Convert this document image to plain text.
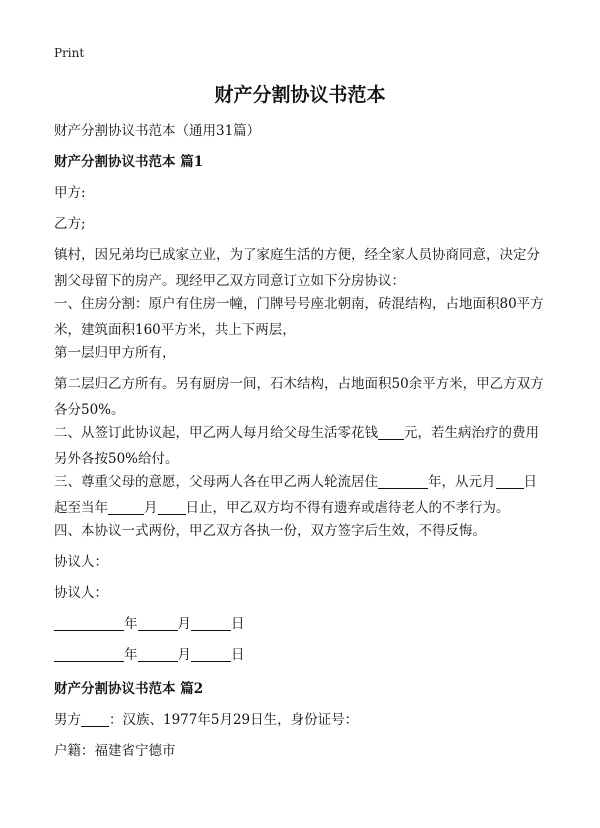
Print
财产分割协议书范本
财产分割协议书范本（通用31篇）
财产分割协议书范本 篇1
甲方:
乙方;
镇村，因兄弟均已成家立业，为了家庭生活的方便，经全家人员协商同意，决定分
割父母留下的房产。现经甲乙双方同意订立如下分房协议：
一、住房分割：原户有住房一幢，门牌号号座北朝南，砖混结构，占地面积80平方
米，建筑面积160平方米，共上下两层，
第一层归甲方所有，
第二层归乙方所有。另有厨房一间，石木结构，占地面积50余平方米，甲乙方双方
各分50%。
二、从签订此协议起，甲乙两人每月给父母生活零花钱 元，若生病治疗的费用
另外各按50%给付。
三、尊重父母的意愿，父母两人各在甲乙两人轮流居住	年，从元月 日
起至当年	月 日止，甲乙双方均不得有遗弃或虐待老人的不孝行为。
四、本协议一式两份，甲乙双方各执一份，双方签字后生效，不得反悔。
协议人：
协议人：
年	月	日
年	月	日
财产分割协议书范本 篇2
男方 ：汉族、1977年5月29日生，身份证号：
户籍：福建省宁德市
